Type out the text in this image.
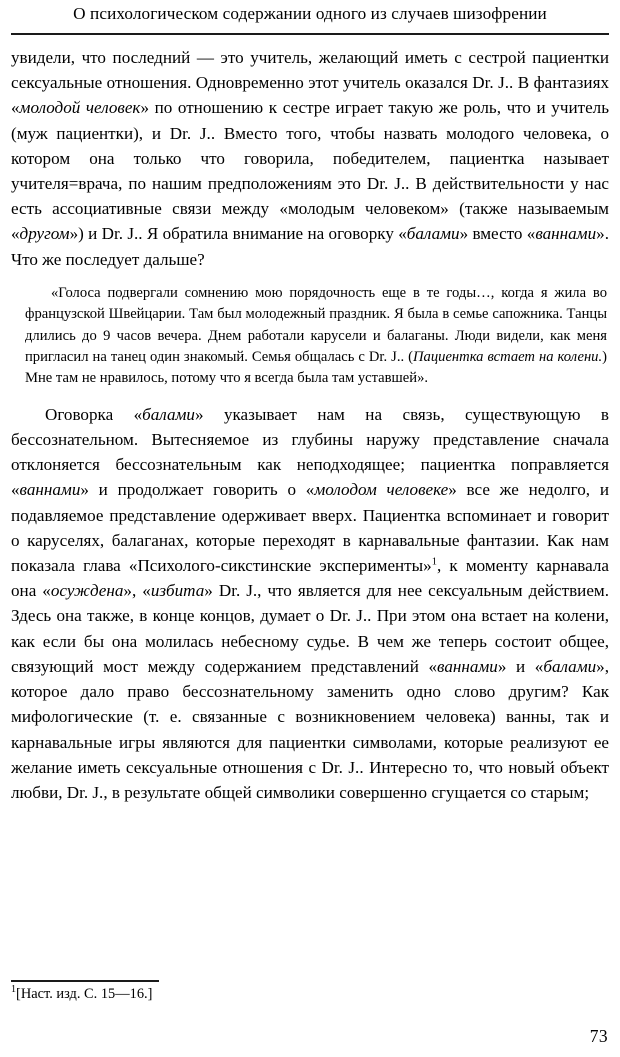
О психологическом содержании одного из случаев шизофрении

увидели, что последний — это учитель, желающий иметь с сестрой пациентки сексуальные отношения. Одновременно этот учитель оказался Dr. J.. В фантазиях «молодой человек» по отношению к сестре играет такую же роль, что и учитель (муж пациентки), и Dr. J.. Вместо того, чтобы назвать молодого человека, о котором она только что говорила, победителем, пациентка называет учителя=врача, по нашим предположениям это Dr. J.. В действительности у нас есть ассоциативные связи между «молодым человеком» (также называемым «другом») и Dr. J.. Я обратила внимание на оговорку «балами» вместо «ваннами». Что же последует дальше?

«Голоса подвергали сомнению мою порядочность еще в те годы…, когда я жила во французской Швейцарии. Там был молодежный праздник. Я была в семье сапожника. Танцы длились до 9 часов вечера. Днем работали карусели и балаганы. Люди видели, как меня пригласил на танец один знакомый. Семья общалась с Dr. J.. (Пациентка встает на колени.) Мне там не нравилось, потому что я всегда была там уставшей».

Оговорка «балами» указывает нам на связь, существующую в бессознательном. Вытесняемое из глубины наружу представление сначала отклоняется бессознательным как неподходящее; пациентка поправляется «ваннами» и продолжает говорить о «молодом человеке» все же недолго, и подавляемое представление одерживает вверх. Пациентка вспоминает и говорит о каруселях, балаганах, которые переходят в карнавальные фантазии. Как нам показала глава «Психолого-сикстинские эксперименты»$^1$, к моменту карнавала она «осуждена», «избита» Dr. J., что является для нее сексуальным действием. Здесь она также, в конце концов, думает о Dr. J.. При этом она встает на колени, как если бы она молилась небесному судье. В чем же теперь состоит общее, связующий мост между содержанием представлений «ваннами» и «балами», которое дало право бессознательному заменить одно слово другим? Как мифологические (т. е. связанные с возникновением человека) ванны, так и карнавальные игры являются для пациентки символами, которые реализуют ее желание иметь сексуальные отношения с Dr. J.. Интересно то, что новый объект любви, Dr. J., в результате общей символики совершенно сгущается со старым;

$^1$[Наст. изд. С. 15—16.]
73
